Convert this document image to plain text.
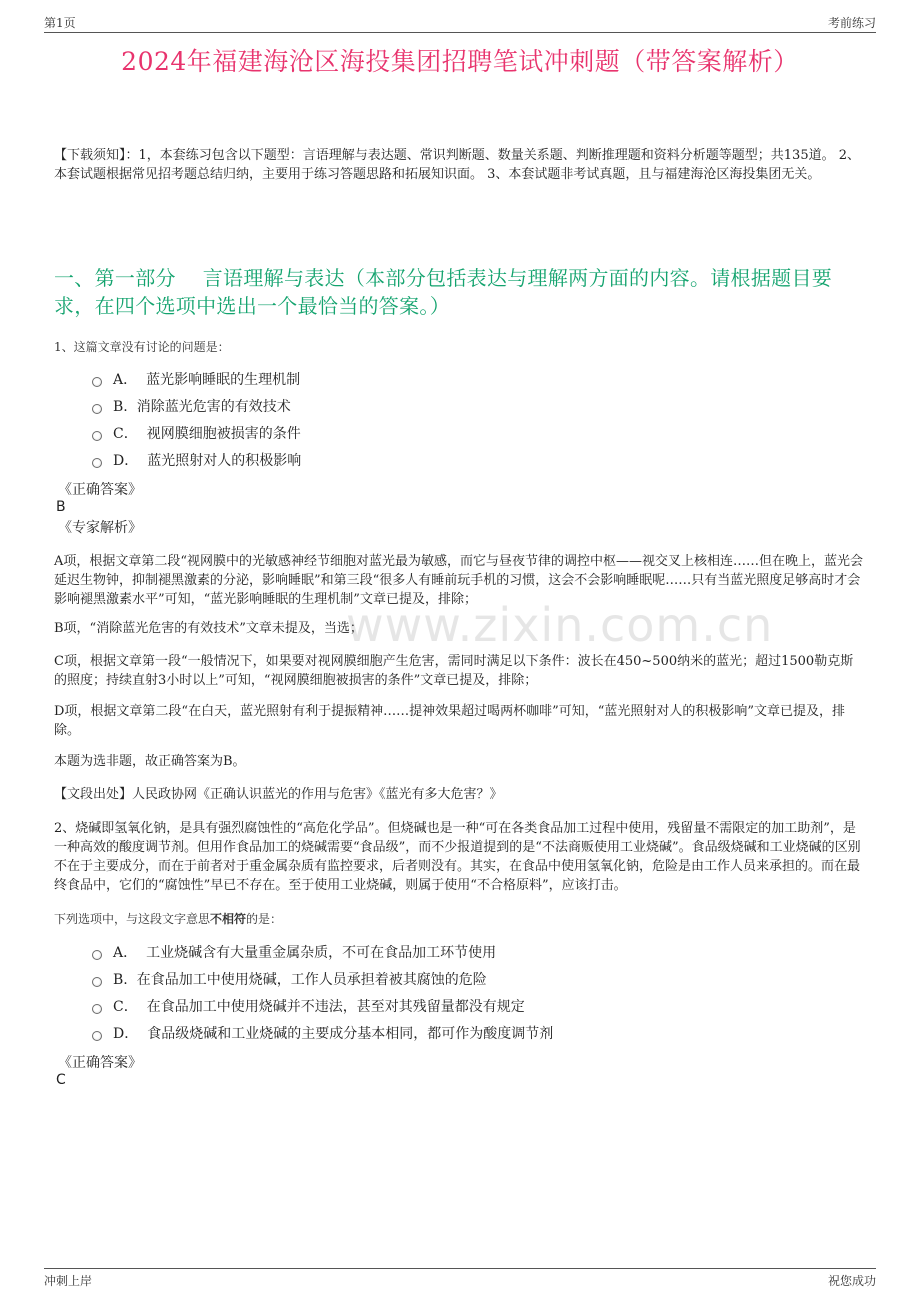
第1页	考前练习
www.zixin.com.cn
2024年福建海沧区海投集团招聘笔试冲刺题（带答案解析）
【下载须知】：1，本套练习包含以下题型：言语理解与表达题、常识判断题、数量关系题、判断推理题和资料分析题等题型；共135道。 2、本套试题根据常见招考题总结归纳，主要用于练习答题思路和拓展知识面。 3、本套试题非考试真题，且与福建海沧区海投集团无关。
一、第一部分　 言语理解与表达（本部分包括表达与理解两方面的内容。请根据题目要求，在四个选项中选出一个最恰当的答案。）
1、这篇文章没有讨论的问题是：
A． 蓝光影响睡眠的生理机制
B. 消除蓝光危害的有效技术
C． 视网膜细胞被损害的条件
D． 蓝光照射对人的积极影响
《正确答案》
B
《专家解析》
A项，根据文章第二段“视网膜中的光敏感神经节细胞对蓝光最为敏感，而它与昼夜节律的调控中枢——视交叉上核相连……但在晚上，蓝光会延迟生物钟，抑制褪黑激素的分泌，影响睡眠”和第三段“很多人有睡前玩手机的习惯，这会不会影响睡眠呢……只有当蓝光照度足够高时才会影响褪黑激素水平”可知，“蓝光影响睡眠的生理机制”文章已提及，排除；
B项，“消除蓝光危害的有效技术”文章未提及，当选；
C项，根据文章第一段“一般情况下，如果要对视网膜细胞产生危害，需同时满足以下条件：波长在450~500纳米的蓝光；超过1500勒克斯的照度；持续直射3小时以上”可知，“视网膜细胞被损害的条件”文章已提及，排除；
D项，根据文章第二段“在白天，蓝光照射有利于提振精神……提神效果超过喝两杯咖啡”可知，“蓝光照射对人的积极影响”文章已提及，排除。
本题为选非题，故正确答案为B。
【文段出处】人民政协网《正确认识蓝光的作用与危害》《蓝光有多大危害？》
2、烧碱即氢氧化钠，是具有强烈腐蚀性的“高危化学品”。但烧碱也是一种“可在各类食品加工过程中使用，残留量不需限定的加工助剂”，是一种高效的酸度调节剂。但用作食品加工的烧碱需要“食品级”，而不少报道提到的是“不法商贩使用工业烧碱”。食品级烧碱和工业烧碱的区别不在于主要成分，而在于前者对于重金属杂质有监控要求，后者则没有。其实，在食品中使用氢氧化钠，危险是由工作人员来承担的。而在最终食品中，它们的“腐蚀性”早已不存在。至于使用工业烧碱，则属于使用“不合格原料”，应该打击。
下列选项中，与这段文字意思不相符的是：
A． 工业烧碱含有大量重金属杂质，不可在食品加工环节使用
B. 在食品加工中使用烧碱，工作人员承担着被其腐蚀的危险
C． 在食品加工中使用烧碱并不违法，甚至对其残留量都没有规定
D． 食品级烧碱和工业烧碱的主要成分基本相同，都可作为酸度调节剂
《正确答案》
C
冲刺上岸	祝您成功
